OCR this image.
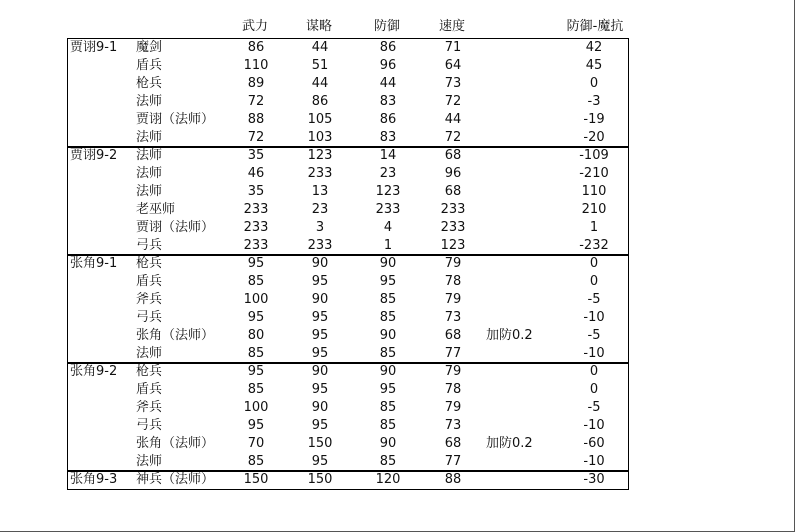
武力	谋略	防御	速度	防御-魔抗
贾诩9-1 魔剑	86	44	86	71	42
盾兵	110	51	96	64	45
枪兵	89	44	44	73	0
法师	72	86	83	72	-3
贾诩（法师）	88	105	86	44	-19
法师	72	103	83	72	-20
贾诩9-2 法师	35	123	14	68	-109
法师	46	233	23	96	-210
法师	35	13	123	68	110
老巫师	233	23	233	233	210
贾诩（法师）	233	3	4	233	1
弓兵	233	233	1	123	-232
张角9-1 枪兵	95	90	90	79	0
盾兵	85	95	95	78	0
斧兵	100	90	85	79	-5
弓兵	95	95	85	73	-10
张角（法师）	80	95	90	68	加防0.2	-5
法师	85	95	85	77	-10
张角9-2 枪兵	95	90	90	79	0
盾兵	85	95	95	78	0
斧兵	100	90	85	79	-5
弓兵	95	95	85	73	-10
张角（法师）	70	150	90	68	加防0.2	-60
法师	85	95	85	77	-10
张角9-3 神兵（法师）	150	150	120	88	-30
